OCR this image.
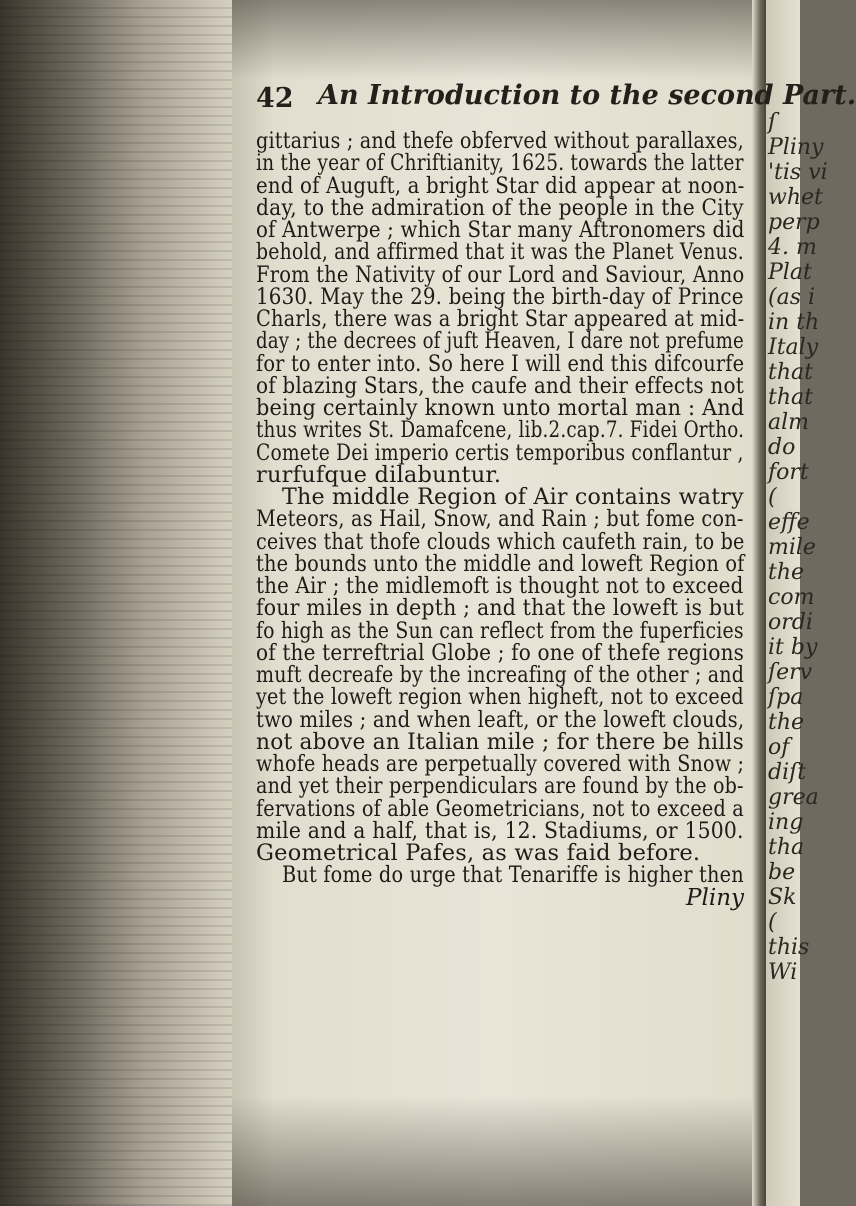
ſ
Pliny
'tis vi
whet
perp
4. m
Plat
(as i
in th
Italy
that
that
alm
do
fort
(
effe
mile
the
com
ordi
it by
ſerv
ſpa
the
of
diſt
grea
ing
tha
be
Sk
(
this
Wi
42 An Introduction to the second Part.
gittarius ; and thefe obferved without parallaxes,
in the year of Chriftianity, 1625. towards the latter
end of Auguft, a bright Star did appear at noon-
day, to the admiration of the people in the City
of Antwerpe ; which Star many Aftronomers did
behold, and affirmed that it was the Planet Venus.
From the Nativity of our Lord and Saviour, Anno
1630. May the 29. being the birth-day of Prince
Charls, there was a bright Star appeared at mid-
day ; the decrees of juft Heaven, I dare not prefume
for to enter into. So here I will end this difcourfe
of blazing Stars, the caufe and their effects not
being certainly known unto mortal man : And
thus writes St. Damafcene, lib.2.cap.7. Fidei Ortho.
Comete Dei imperio certis temporibus conflantur ,
rurfufque dilabuntur.
The middle Region of Air contains watry
Meteors, as Hail, Snow, and Rain ; but fome con-
ceives that thofe clouds which caufeth rain, to be
the bounds unto the middle and loweft Region of
the Air ; the midlemoft is thought not to exceed
four miles in depth ; and that the loweft is but
fo high as the Sun can reflect from the fuperficies
of the terreftrial Globe ; fo one of thefe regions
muft decreafe by the increafing of the other ; and
yet the loweft region when higheft, not to exceed
two miles ; and when leaft, or the loweft clouds,
not above an Italian mile ; for there be hills
whofe heads are perpetually covered with Snow ;
and yet their perpendiculars are found by the ob-
fervations of able Geometricians, not to exceed a
mile and a half, that is, 12. Stadiums, or 1500.
Geometrical Pafes, as was faid before.
But fome do urge that Tenariffe is higher then
Pliny
